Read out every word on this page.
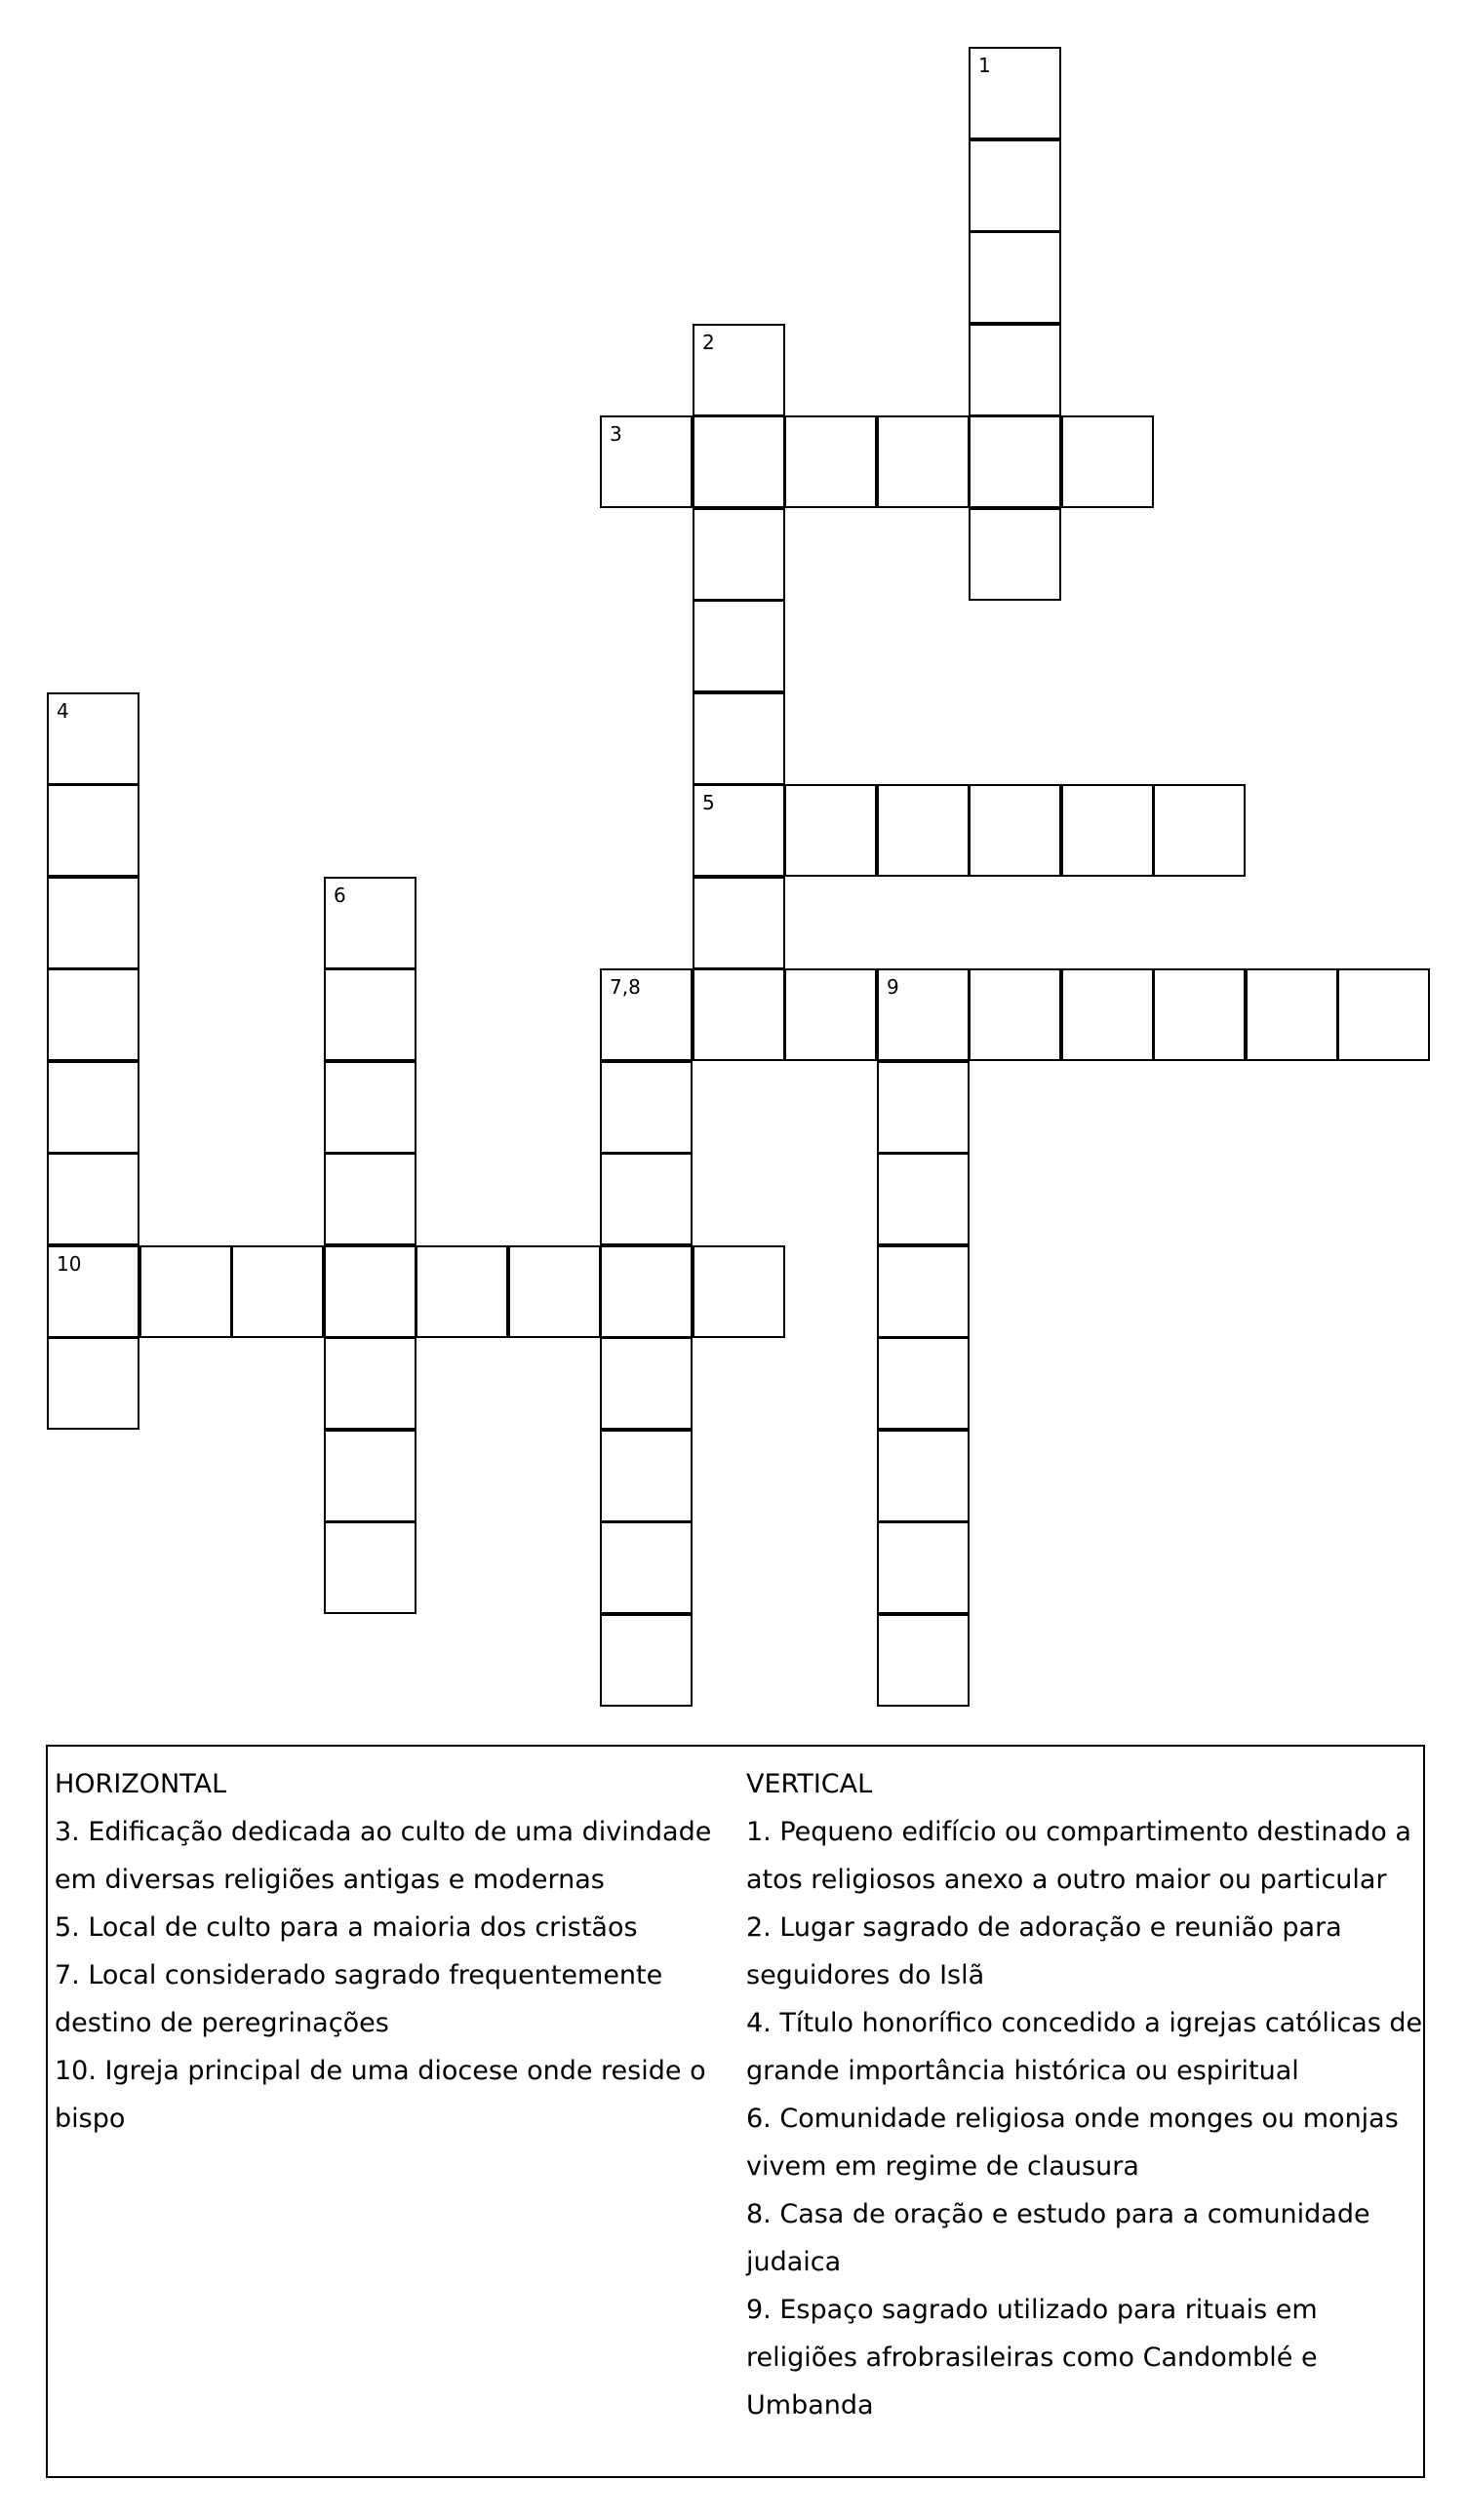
1
2
3
4
5
6
7,8	9
10
HORIZONTAL
3. Edificação dedicada ao culto de uma divindade
em diversas religiões antigas e modernas
5. Local de culto para a maioria dos cristãos
7. Local considerado sagrado frequentemente
destino de peregrinações
10. Igreja principal de uma diocese onde reside o
bispo
VERTICAL
1. Pequeno edifício ou compartimento destinado a
atos religiosos anexo a outro maior ou particular
2. Lugar sagrado de adoração e reunião para
seguidores do Islã
4. Título honorífico concedido a igrejas católicas de
grande importância histórica ou espiritual
6. Comunidade religiosa onde monges ou monjas
vivem em regime de clausura
8. Casa de oração e estudo para a comunidade
judaica
9. Espaço sagrado utilizado para rituais em
religiões afrobrasileiras como Candomblé e
Umbanda
